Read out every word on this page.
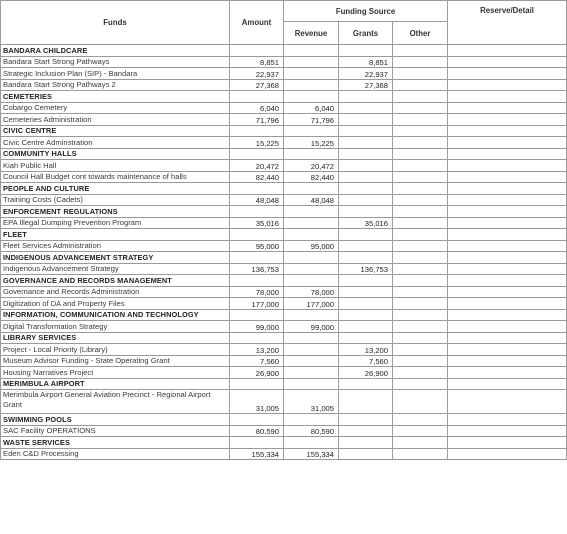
Funds	Amount	Funding Source			Reserve/Detail
		Revenue	Grants	Other	
BANDARA CHILDCARE					
Bandara Start Strong Pathways	8,851		8,851		
Strategic Inclusion Plan (SIP) - Bandara	22,937		22,937		
Bandara Start Strong Pathways 2	27,368		27,368		
CEMETERIES					
Cobargo Cemetery	6,040	6,040			
Cemeteries Administration	71,796	71,796			
CIVIC CENTRE					
Civic Centre Adminstration	15,225	15,225			
COMMUNITY HALLS					
Kiah Public Hall	20,472	20,472			
Council Hall Budget cont towards maintenance of halls	82,440	82,440			
PEOPLE AND CULTURE					
Training Costs (Cadets)	48,048	48,048			
ENFORCEMENT REGULATIONS					
EPA Illegal Dumping Prevention Program	35,016		35,016		
FLEET					
Fleet Services Administration	95,000	95,000			
INDIGENOUS ADVANCEMENT STRATEGY					
Indigenous Advancement Strategy	136,753		136,753		
GOVERNANCE AND RECORDS MANAGEMENT					
Governance and Records Administration	78,000	78,000			
Digitization of DA and Property Files	177,000	177,000			
INFORMATION, COMMUNICATION AND TECHNOLOGY					
Digital Transformation Strategy	99,000	99,000			
LIBRARY SERVICES					
Project - Local Priority (Library)	13,200		13,200		
Museum Advisor Funding - State Operating Grant	7,560		7,560		
Housing Narratives Project	26,900		26,900		
MERIMBULA AIRPORT					
Merimbula Airport General Aviation Precinct - Regional Airport Grant	31,005	31,005			
SWIMMING POOLS					
SAC Facility OPERATIONS	80,590	80,590			
WASTE SERVICES					
Eden C&D Processing	155,334	155,334			
